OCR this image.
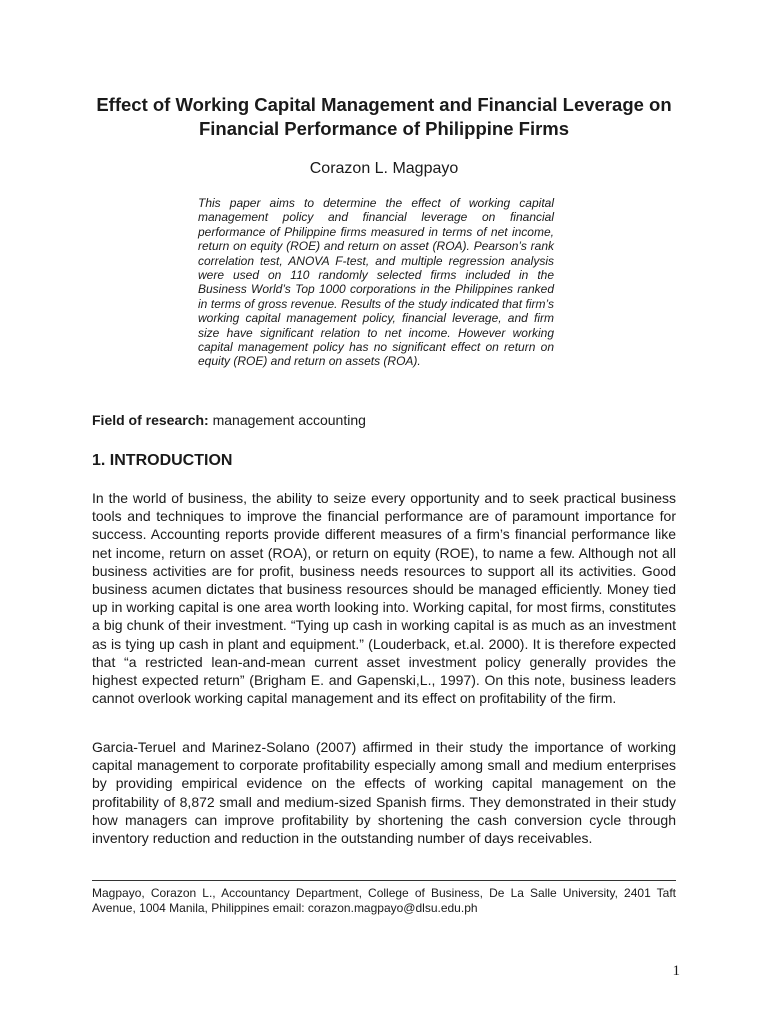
Effect of Working Capital Management and Financial Leverage on Financial Performance of Philippine Firms
Corazon L. Magpayo

This paper aims to determine the effect of working capital management policy and financial leverage on financial performance of Philippine firms measured in terms of net income, return on equity (ROE) and return on asset (ROA). Pearson’s rank correlation test, ANOVA F-test, and multiple regression analysis were used on 110 randomly selected firms included in the Business World’s Top 1000 corporations in the Philippines ranked in terms of gross revenue. Results of the study indicated that firm’s working capital management policy, financial leverage, and firm size have significant relation to net income. However working capital management policy has no significant effect on return on equity (ROE) and return on assets (ROA).

Field of research: management accounting
1. INTRODUCTION

In the world of business, the ability to seize every opportunity and to seek practical business tools and techniques to improve the financial performance are of paramount importance for success. Accounting reports provide different measures of a firm’s financial performance like net income, return on asset (ROA), or return on equity (ROE), to name a few. Although not all business activities are for profit, business needs resources to support all its activities. Good business acumen dictates that business resources should be managed efficiently. Money tied up in working capital is one area worth looking into. Working capital, for most firms, constitutes a big chunk of their investment. “Tying up cash in working capital is as much as an investment as is tying up cash in plant and equipment.” (Louderback, et.al. 2000). It is therefore expected that “a restricted lean-and-mean current asset investment policy generally provides the highest expected return” (Brigham E. and Gapenski,L., 1997). On this note, business leaders cannot overlook working capital management and its effect on profitability of the firm.

Garcia-Teruel and Marinez-Solano (2007) affirmed in their study the importance of working capital management to corporate profitability especially among small and medium enterprises by providing empirical evidence on the effects of working capital management on the profitability of 8,872 small and medium-sized Spanish firms. They demonstrated in their study how managers can improve profitability by shortening the cash conversion cycle through inventory reduction and reduction in the outstanding number of days receivables.

Magpayo, Corazon L., Accountancy Department, College of Business, De La Salle University, 2401 Taft Avenue, 1004 Manila, Philippines email: corazon.magpayo@dlsu.edu.ph

1
